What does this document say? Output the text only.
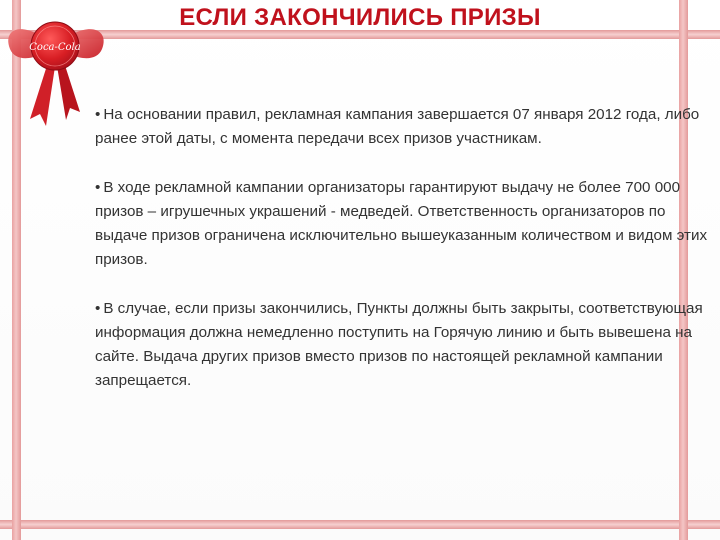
Coca-Cola
ЕСЛИ ЗАКОНЧИЛИСЬ ПРИЗЫ

• На основании правил, рекламная кампания завершается 07 января 2012 года, либо ранее этой даты, с момента передачи всех призов участникам.

• В ходе рекламной кампании организаторы гарантируют выдачу не более 700 000 призов – игрушечных украшений - медведей. Ответственность организаторов по выдаче призов ограничена исключительно вышеуказанным количеством и видом этих призов.

• В случае, если призы закончились, Пункты должны быть закрыты, соответствующая информация должна немедленно поступить на Горячую линию и быть вывешена на сайте. Выдача других призов вместо призов по настоящей рекламной кампании запрещается.
